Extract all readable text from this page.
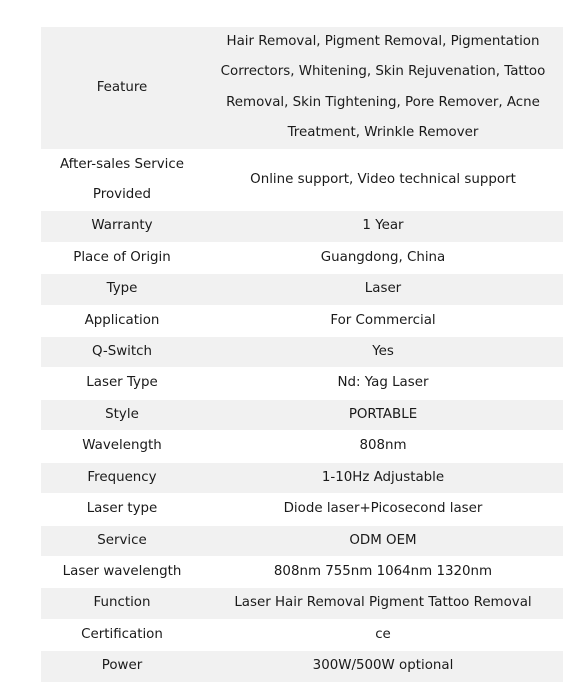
Feature	Hair Removal, Pigment Removal, Pigmentation Correctors, Whitening, Skin Rejuvenation, Tattoo Removal, Skin Tightening, Pore Remover, Acne Treatment, Wrinkle Remover
After-sales Service Provided	Online support, Video technical support
Warranty	1 Year
Place of Origin	Guangdong, China
Type	Laser
Application	For Commercial
Q-Switch	Yes
Laser Type	Nd: Yag Laser
Style	PORTABLE
Wavelength	808nm
Frequency	1-10Hz Adjustable
Laser type	Diode laser+Picosecond laser
Service	ODM OEM
Laser wavelength	808nm 755nm 1064nm 1320nm
Function	Laser Hair Removal Pigment Tattoo Removal
Certification	ce
Power	300W/500W optional
